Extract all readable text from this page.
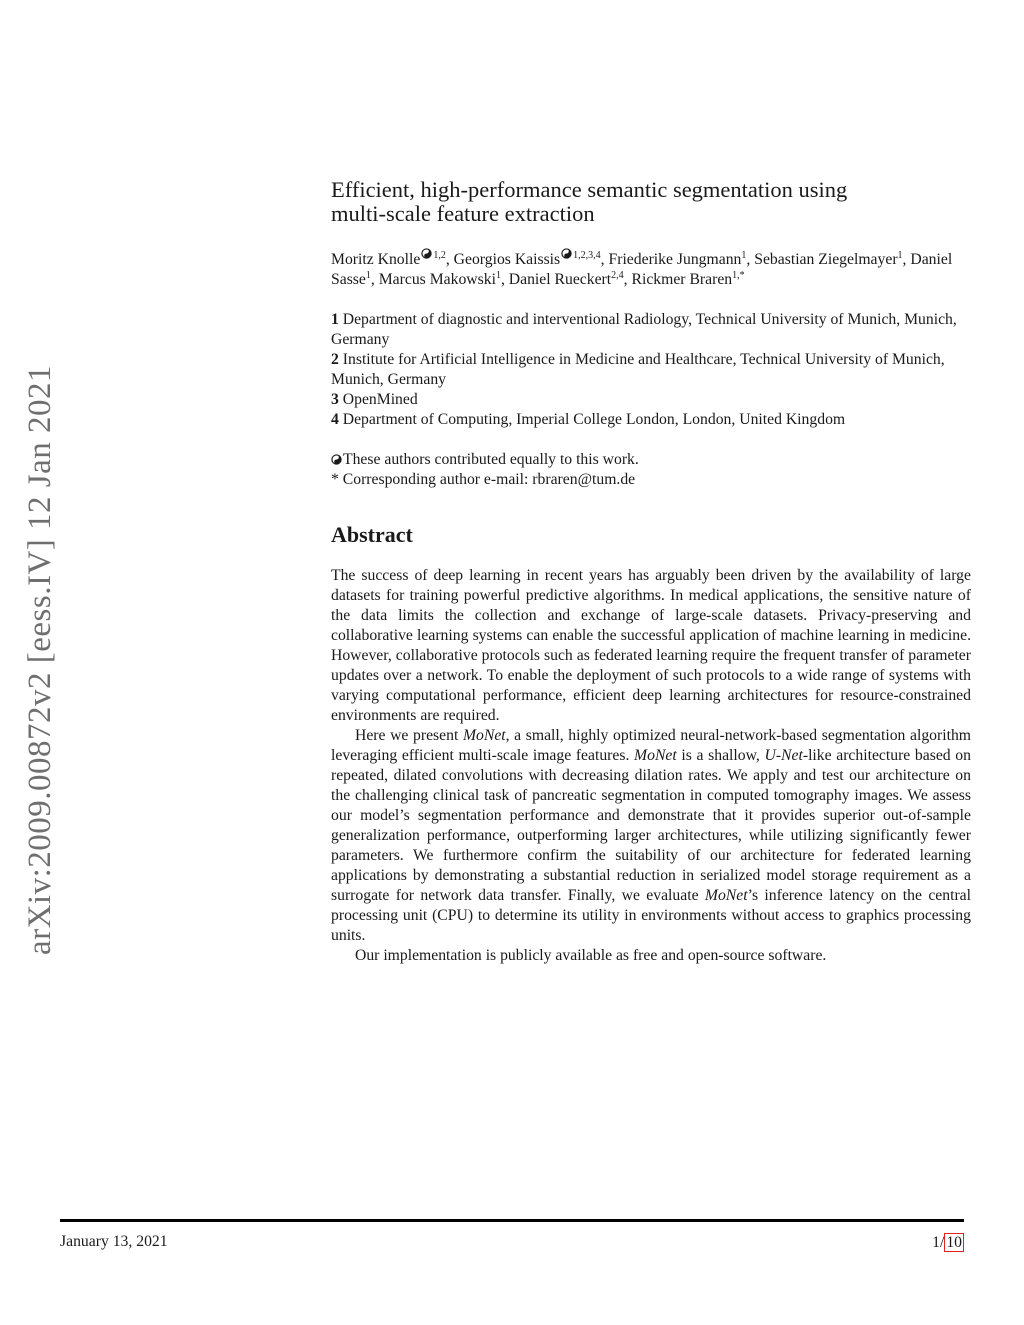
arXiv:2009.00872v2 [eess.IV] 12 Jan 2021
Efficient, high-performance semantic segmentation using
multi-scale feature extraction
Moritz Knolle $^{1,2}$, Georgios Kaissis $^{1,2,3,4}$, Friederike Jungmann$^1$, Sebastian Ziegelmayer$^1$, Daniel Sasse$^1$, Marcus Makowski$^1$, Daniel Rueckert$^{2,4}$, Rickmer Braren$^{1,*}$
1 Department of diagnostic and interventional Radiology, Technical University of Munich, Munich, Germany
2 Institute for Artificial Intelligence in Medicine and Healthcare, Technical University of Munich, Munich, Germany
3 OpenMined
4 Department of Computing, Imperial College London, London, United Kingdom

These authors contributed equally to this work.

* Corresponding author e-mail: rbraren@tum.de

Abstract

The success of deep learning in recent years has arguably been driven by the availability of large datasets for training powerful predictive algorithms. In medical applications, the sensitive nature of the data limits the collection and exchange of large-scale datasets. Privacy-preserving and collaborative learning systems can enable the successful application of machine learning in medicine. However, collaborative protocols such as federated learning require the frequent transfer of parameter updates over a network. To enable the deployment of such protocols to a wide range of systems with varying computational performance, efficient deep learning architectures for resource-constrained environments are required.

Here we present MoNet, a small, highly optimized neural-network-based segmentation algorithm leveraging efficient multi-scale image features. MoNet is a shallow, U-Net-like architecture based on repeated, dilated convolutions with decreasing dilation rates. We apply and test our architecture on the challenging clinical task of pancreatic segmentation in computed tomography images. We assess our model’s segmentation performance and demonstrate that it provides superior out-of-sample generalization performance, outperforming larger architectures, while utilizing significantly fewer parameters. We furthermore confirm the suitability of our architecture for federated learning applications by demonstrating a substantial reduction in serialized model storage requirement as a surrogate for network data transfer. Finally, we evaluate MoNet’s inference latency on the central processing unit (CPU) to determine its utility in environments without access to graphics processing units.

Our implementation is publicly available as free and open-source software.

January 13, 2021	1/ 10
